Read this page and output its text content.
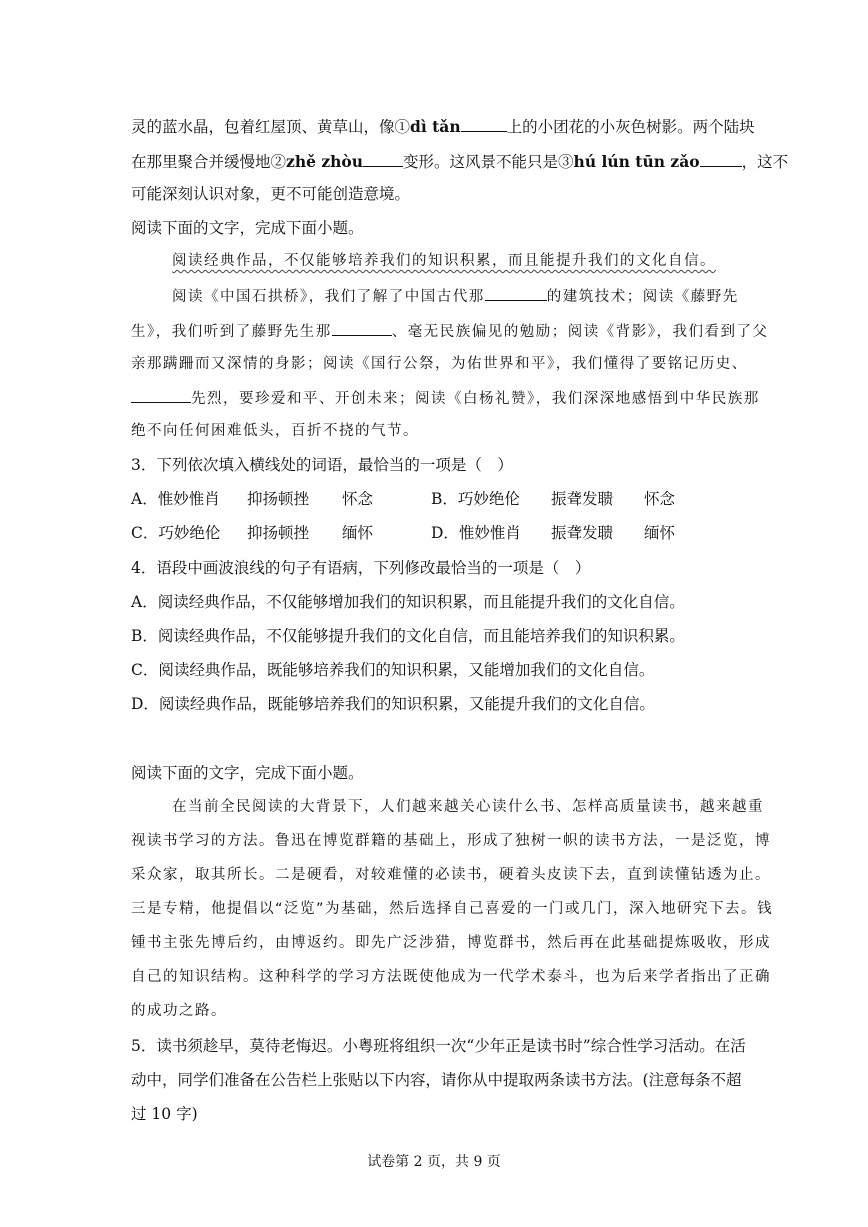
灵的蓝水晶，包着红屋顶、黄草山，像①dì tǎn	上的小团花的小灰色树影。两个陆块
在那里聚合并缓慢地②zhě zhòu	变形。这风景不能只是③hú lún tūn zǎo	，这不
可能深刻认识对象，更不可能创造意境。
阅读下面的文字，完成下面小题。
阅读经典作品，不仅能够培养我们的知识积累，而且能提升我们的文化自信。
阅读《中国石拱桥》，我们了解了中国古代那	的建筑技术；阅读《藤野先
生》，我们听到了藤野先生那	、毫无民族偏见的勉励；阅读《背影》，我们看到了父
亲那蹒跚而又深情的身影；阅读《国行公祭，为佑世界和平》，我们懂得了要铭记历史、
先烈，要珍爱和平、开创未来；阅读《白杨礼赞》，我们深深地感悟到中华民族那
绝不向任何困难低头，百折不挠的气节。
3．下列依次填入横线处的词语，最恰当的一项是（　）
A．惟妙惟肖 抑扬顿挫 怀念	B．巧妙绝伦 振聋发聩 怀念
C．巧妙绝伦 抑扬顿挫 缅怀	D．惟妙惟肖 振聋发聩 缅怀
4．语段中画波浪线的句子有语病，下列修改最恰当的一项是（　）
A．阅读经典作品，不仅能够增加我们的知识积累，而且能提升我们的文化自信。
B．阅读经典作品，不仅能够提升我们的文化自信，而且能培养我们的知识积累。
C．阅读经典作品，既能够培养我们的知识积累，又能增加我们的文化自信。
D．阅读经典作品，既能够培养我们的知识积累，又能提升我们的文化自信。
阅读下面的文字，完成下面小题。
在当前全民阅读的大背景下，人们越来越关心读什么书、怎样高质量读书，越来越重
视读书学习的方法。鲁迅在博览群籍的基础上，形成了独树一帜的读书方法，一是泛览，博
采众家，取其所长。二是硬看，对较难懂的必读书，硬着头皮读下去，直到读懂钻透为止。
三是专精，他提倡以“泛览”为基础，然后选择自己喜爱的一门或几门，深入地研究下去。钱
锺书主张先博后约，由博返约。即先广泛涉猎，博览群书，然后再在此基础提炼吸收，形成
自己的知识结构。这种科学的学习方法既使他成为一代学术泰斗，也为后来学者指出了正确
的成功之路。
5．读书须趁早，莫待老悔迟。小粤班将组织一次“少年正是读书时”综合性学习活动。在活
动中，同学们准备在公告栏上张贴以下内容，请你从中提取两条读书方法。(注意每条不超
过 10 字)
试卷第 2 页，共 9 页
